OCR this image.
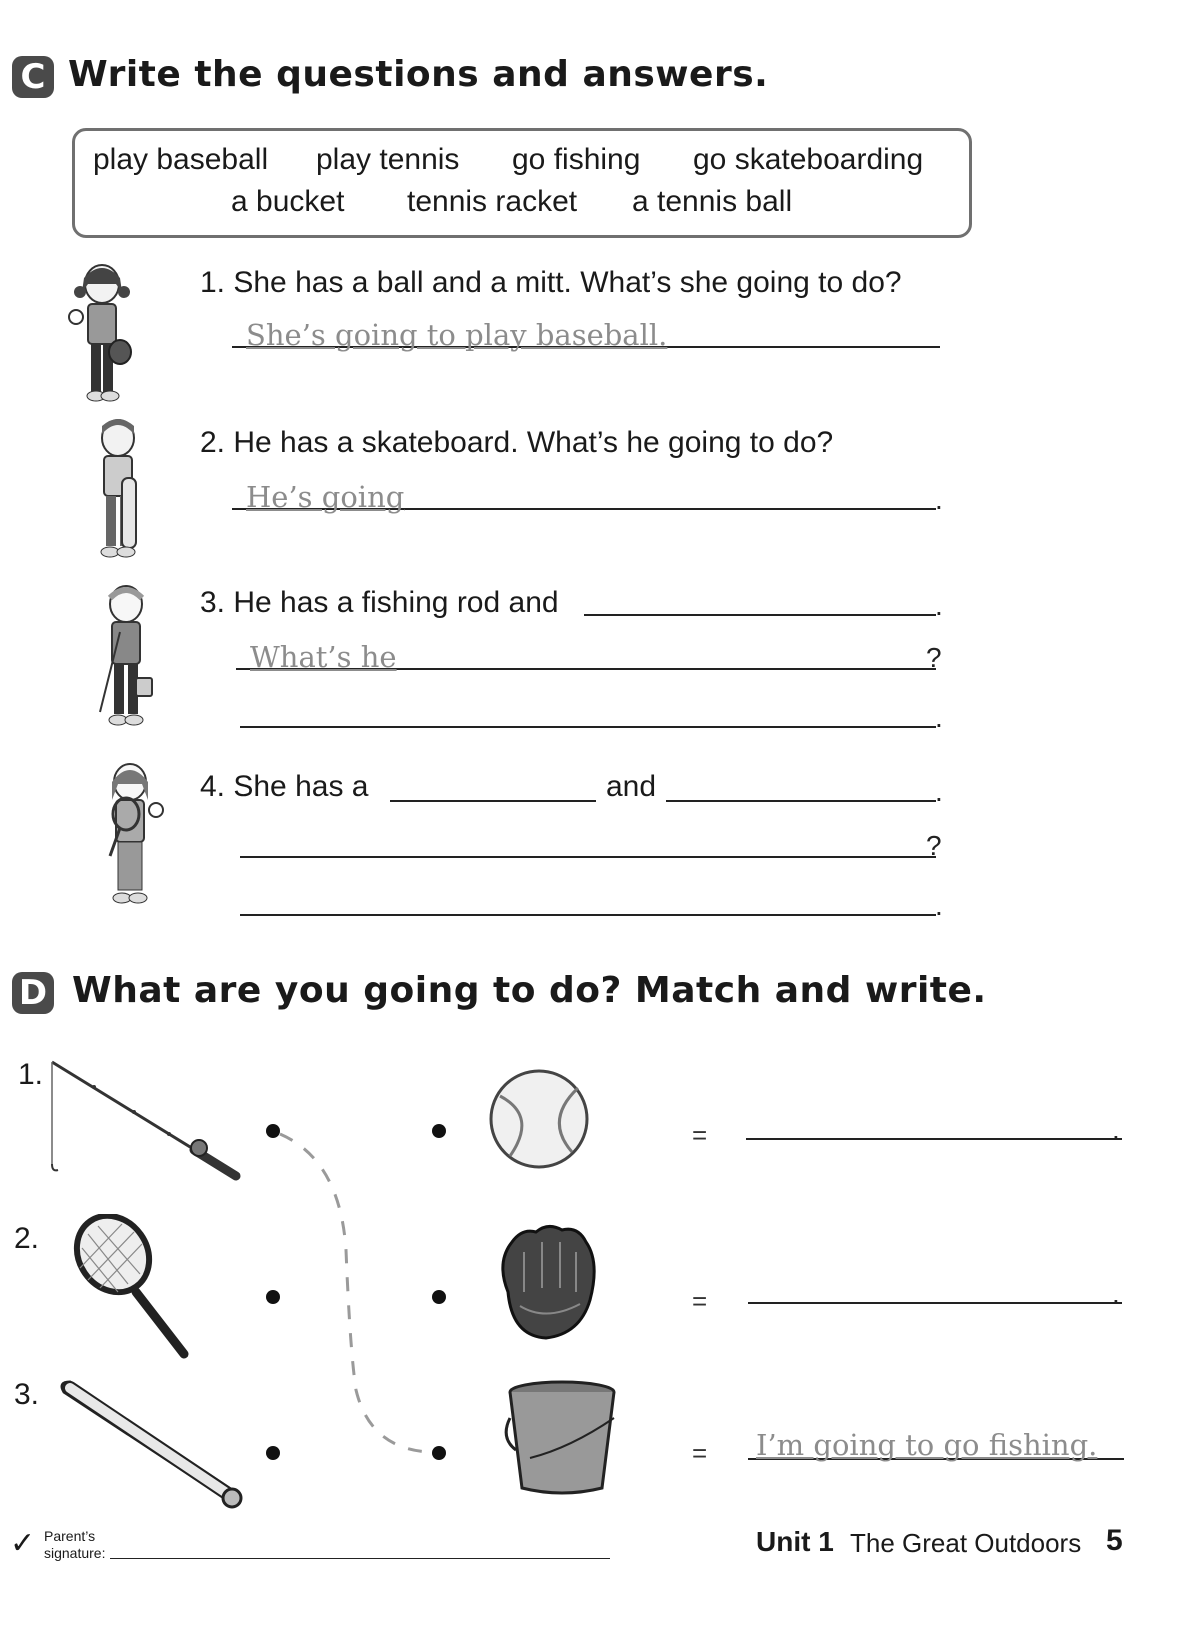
C Write the questions and answers.
play baseball play tennis go fishing go skateboarding
a bucket tennis racket a tennis ball
1. She has a ball and a mitt. What’s she going to do?
She’s going to play baseball.
2. He has a skateboard. What’s he going to do?
He’s going	.
3. He has a fishing rod and	.
What’s he	?
.
4. She has a	and	.
?
.
D What are you going to do? Match and write.
1.
2.
3.
=	.
=	.
= I’m going to go fishing.
✓ Parent’s
signature:	Unit 1 The Great Outdoors 5
